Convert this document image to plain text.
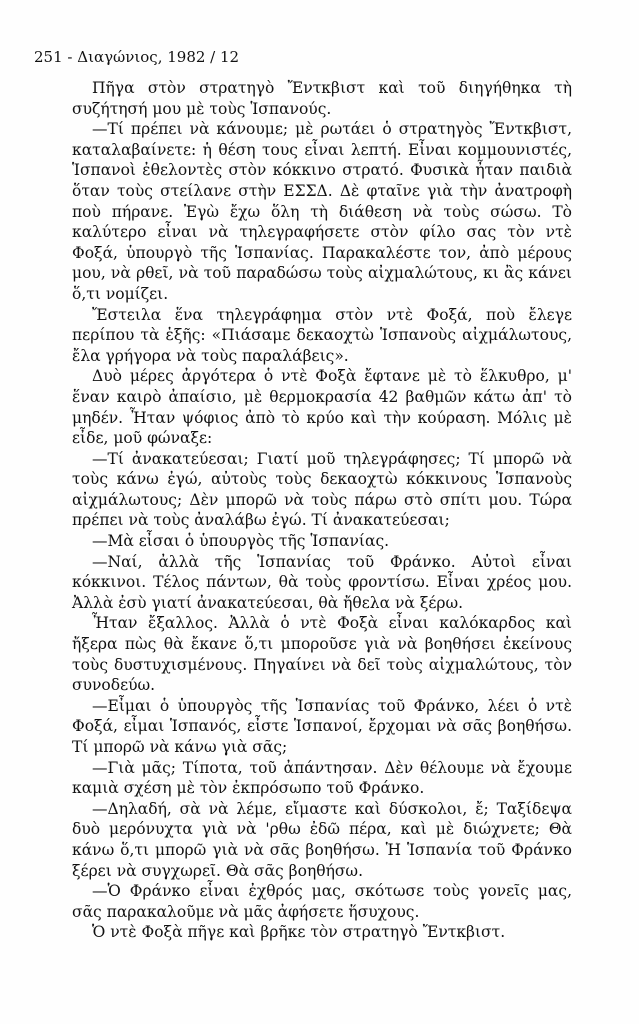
251 - Διαγώνιος, 1982 / 12

Πῆγα στὸν στρατηγὸ Ἔντκβιστ καὶ τοῦ διηγήθηκα τὴ συζήτησή μου μὲ τοὺς Ἱσπανούς.

—Τί πρέπει νὰ κάνουμε; μὲ ρωτάει ὁ στρατηγὸς Ἔντκβιστ, καταλαβαίνετε: ἡ θέση τους εἶναι λεπτή. Εἶναι κομμουνιστές, Ἱσπανοὶ ἐθελοντὲς στὸν κόκκινο στρατό. Φυσικὰ ἦταν παιδιὰ ὅταν τοὺς στείλανε στὴν ΕΣΣΔ. Δὲ φταῖνε γιὰ τὴν ἀνατροφὴ ποὺ πήρανε. Ἐγὼ ἔχω ὅλη τὴ διάθεση νὰ τοὺς σώσω. Τὸ καλύτερο εἶναι νὰ τηλεγραφήσετε στὸν φίλο σας τὸν ντὲ Φοξά, ὑπουργὸ τῆς Ἱσπανίας. Παρακαλέστε τον, ἀπὸ μέρους μου, νὰ ρθεῖ, νὰ τοῦ παραδώσω τοὺς αἰχμαλώτους, κι ἂς κάνει ὅ,τι νομίζει.

Ἔστειλα ἕνα τηλεγράφημα στὸν ντὲ Φοξά, ποὺ ἔλεγε περίπου τὰ ἑξῆς: «Πιάσαμε δεκαοχτὼ Ἱσπανοὺς αἰχμάλωτους, ἔλα γρήγορα νὰ τοὺς παραλάβεις».

Δυὸ μέρες ἀργότερα ὁ ντὲ Φοξὰ ἔφτανε μὲ τὸ ἕλκυθρο, μ' ἕναν καιρὸ ἀπαίσιο, μὲ θερμοκρασία 42 βαθμῶν κάτω ἀπ' τὸ μηδέν. Ἦταν ψόφιος ἀπὸ τὸ κρύο καὶ τὴν κούραση. Μόλις μὲ εἶδε, μοῦ φώναξε:

—Τί ἀνακατεύεσαι; Γιατί μοῦ τηλεγράφησες; Τί μπορῶ νὰ τοὺς κάνω ἐγώ, αὐτοὺς τοὺς δεκαοχτὼ κόκκινους Ἱσπανοὺς αἰχμάλωτους; Δὲν μπορῶ νὰ τοὺς πάρω στὸ σπίτι μου. Τώρα πρέπει νὰ τοὺς ἀναλάβω ἐγώ. Τί ἀνακατεύεσαι;

—Μὰ εἶσαι ὁ ὑπουργὸς τῆς Ἱσπανίας.

—Ναί, ἀλλὰ τῆς Ἱσπανίας τοῦ Φράνκο. Αὐτοὶ εἶναι κόκκινοι. Τέλος πάντων, θὰ τοὺς φροντίσω. Εἶναι χρέος μου. Ἀλλὰ ἐσὺ γιατί ἀνακατεύεσαι, θὰ ἤθελα νὰ ξέρω.

Ἦταν ἔξαλλος. Ἀλλὰ ὁ ντὲ Φοξὰ εἶναι καλόκαρδος καὶ ἤξερα πὼς θὰ ἔκανε ὅ,τι μποροῦσε γιὰ νὰ βοηθήσει ἐκείνους τοὺς δυστυχισμένους. Πηγαίνει νὰ δεῖ τοὺς αἰχμαλώτους, τὸν συνοδεύω.

—Εἶμαι ὁ ὑπουργὸς τῆς Ἱσπανίας τοῦ Φράνκο, λέει ὁ ντὲ Φοξά, εἶμαι Ἱσπανός, εἶστε Ἱσπανοί, ἔρχομαι νὰ σᾶς βοηθήσω. Τί μπορῶ νὰ κάνω γιὰ σᾶς;

—Γιὰ μᾶς; Τίποτα, τοῦ ἀπάντησαν. Δὲν θέλουμε νὰ ἔχουμε καμιὰ σχέση μὲ τὸν ἐκπρόσωπο τοῦ Φράνκο.

—Δηλαδή, σὰ νὰ λέμε, εἴμαστε καὶ δύσκολοι, ἔ; Ταξίδεψα δυὸ μερόνυχτα γιὰ νὰ 'ρθω ἐδῶ πέρα, καὶ μὲ διώχνετε; Θὰ κάνω ὅ,τι μπορῶ γιὰ νὰ σᾶς βοηθήσω. Ἡ Ἱσπανία τοῦ Φράνκο ξέρει νὰ συγχωρεῖ. Θὰ σᾶς βοηθήσω.

—Ὁ Φράνκο εἶναι ἐχθρός μας, σκότωσε τοὺς γονεῖς μας, σᾶς παρακαλοῦμε νὰ μᾶς ἀφήσετε ἥσυχους.

Ὁ ντὲ Φοξὰ πῆγε καὶ βρῆκε τὸν στρατηγὸ Ἔντκβιστ.
